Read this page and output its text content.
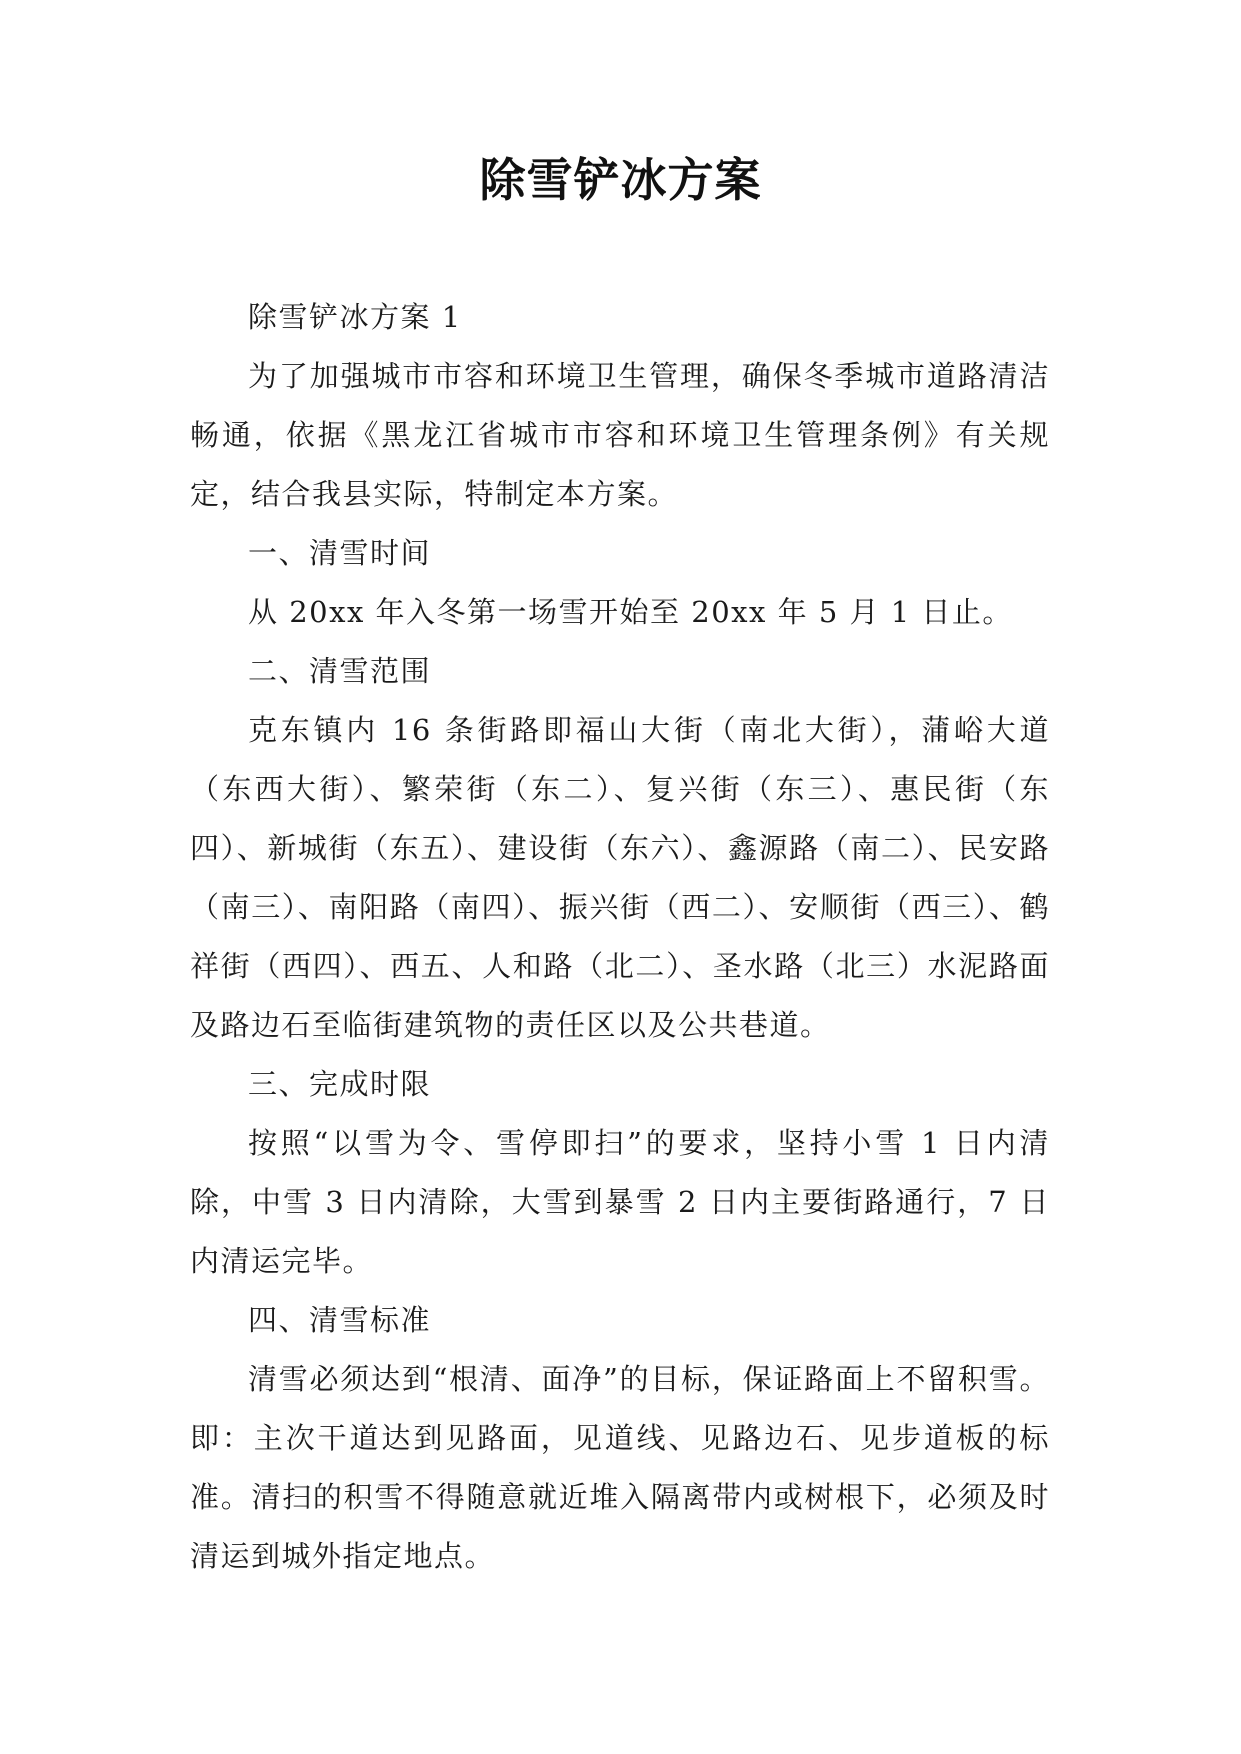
除雪铲冰方案

除雪铲冰方案 1

为了加强城市市容和环境卫生管理，确保冬季城市道路清洁畅通，依据《黑龙江省城市市容和环境卫生管理条例》有关规定，结合我县实际，特制定本方案。

一、清雪时间

从 20xx 年入冬第一场雪开始至 20xx 年 5 月 1 日止。

二、清雪范围

克东镇内 16 条街路即福山大街（南北大街），蒲峪大道（东西大街）、繁荣街（东二）、复兴街（东三）、惠民街（东四）、新城街（东五）、建设街（东六）、鑫源路（南二）、民安路（南三）、南阳路（南四）、振兴街（西二）、安顺街（西三）、鹤祥街（西四）、西五、人和路（北二）、圣水路（北三）水泥路面及路边石至临街建筑物的责任区以及公共巷道。

三、完成时限

按照“以雪为令、雪停即扫”的要求，坚持小雪 1 日内清除，中雪 3 日内清除，大雪到暴雪 2 日内主要街路通行，7 日内清运完毕。

四、清雪标准

清雪必须达到“根清、面净”的目标，保证路面上不留积雪。即：主次干道达到见路面，见道线、见路边石、见步道板的标准。清扫的积雪不得随意就近堆入隔离带内或树根下，必须及时清运到城外指定地点。
